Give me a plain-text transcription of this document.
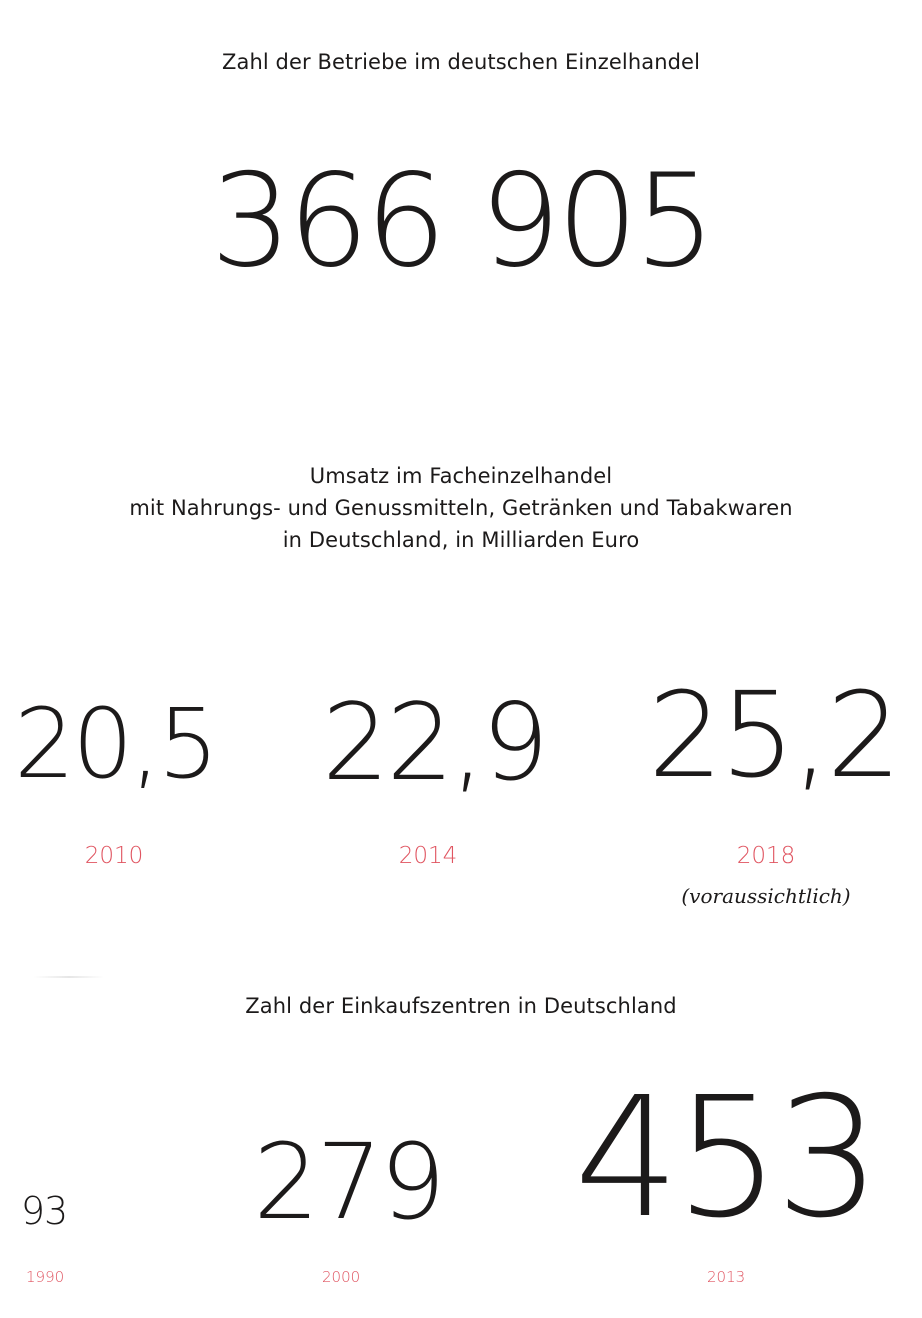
Zahl der Betriebe im deutschen Einzelhandel
366 905
Umsatz im Facheinzelhandel
mit Nahrungs- und Genussmitteln, Getränken und Tabakwaren
in Deutschland, in Milliarden Euro
20,5 22,9 25,2
2010	2014	2018
(voraussichtlich)
Zahl der Einkaufszentren in Deutschland
93 279 453
1990	2000	2013
